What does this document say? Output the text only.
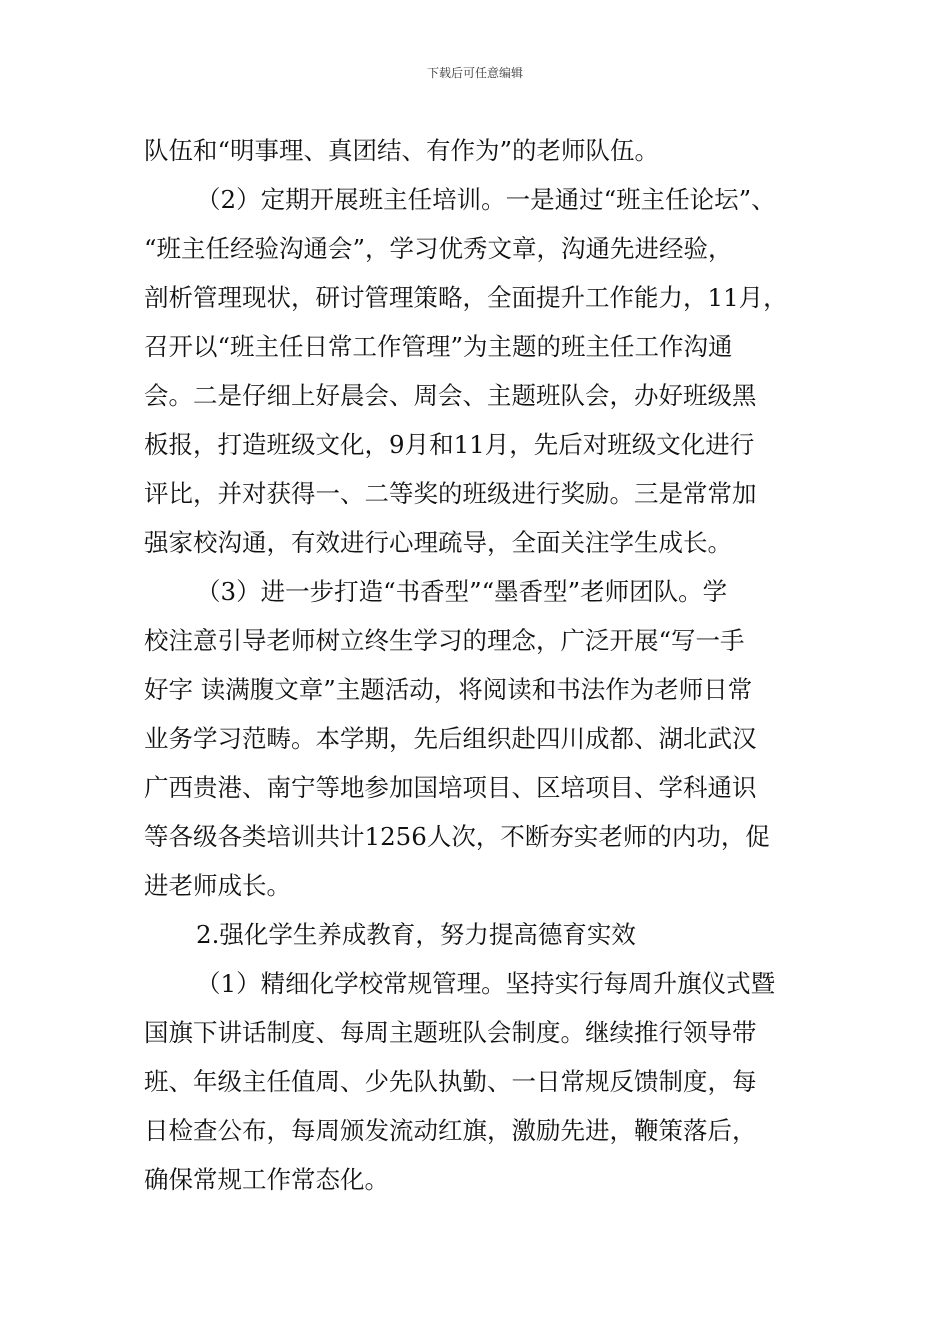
下载后可任意编辑
队伍和“明事理、真团结、有作为”的老师队伍。
（2）定期开展班主任培训。一是通过“班主任论坛”、
“班主任经验沟通会”，学习优秀文章，沟通先进经验，
剖析管理现状，研讨管理策略，全面提升工作能力，11月，
召开以“班主任日常工作管理”为主题的班主任工作沟通
会。二是仔细上好晨会、周会、主题班队会，办好班级黑
板报，打造班级文化，9月和11月，先后对班级文化进行
评比，并对获得一、二等奖的班级进行奖励。三是常常加
强家校沟通，有效进行心理疏导，全面关注学生成长。
（3）进一步打造“书香型”“墨香型”老师团队。学
校注意引导老师树立终生学习的理念，广泛开展“写一手
好字 读满腹文章”主题活动，将阅读和书法作为老师日常
业务学习范畴。本学期，先后组织赴四川成都、湖北武汉
广西贵港、南宁等地参加国培项目、区培项目、学科通识
等各级各类培训共计1256人次，不断夯实老师的内功，促
进老师成长。
2.强化学生养成教育，努力提高德育实效
（1）精细化学校常规管理。坚持实行每周升旗仪式暨
国旗下讲话制度、每周主题班队会制度。继续推行领导带
班、年级主任值周、少先队执勤、一日常规反馈制度，每
日检查公布，每周颁发流动红旗，激励先进，鞭策落后，
确保常规工作常态化。
